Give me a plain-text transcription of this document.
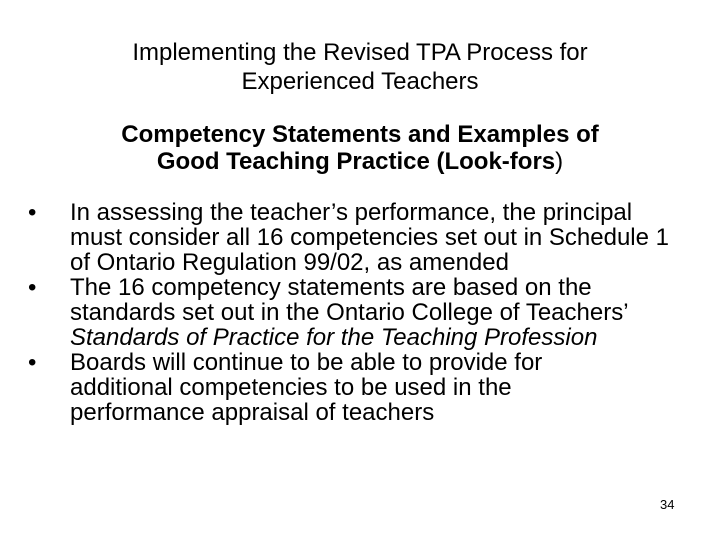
Implementing the Revised TPA Process for
Experienced Teachers
Competency Statements and Examples of
Good Teaching Practice (Look-fors)
• In assessing the teacher’s performance, the principal must consider all 16 competencies set out in Schedule 1 of Ontario Regulation 99/02, as amended
• The 16 competency statements are based on the standards set out in the Ontario College of Teachers’ Standards of Practice for the Teaching Profession
• Boards will continue to be able to provide for additional competencies to be used in the performance appraisal of teachers
34
